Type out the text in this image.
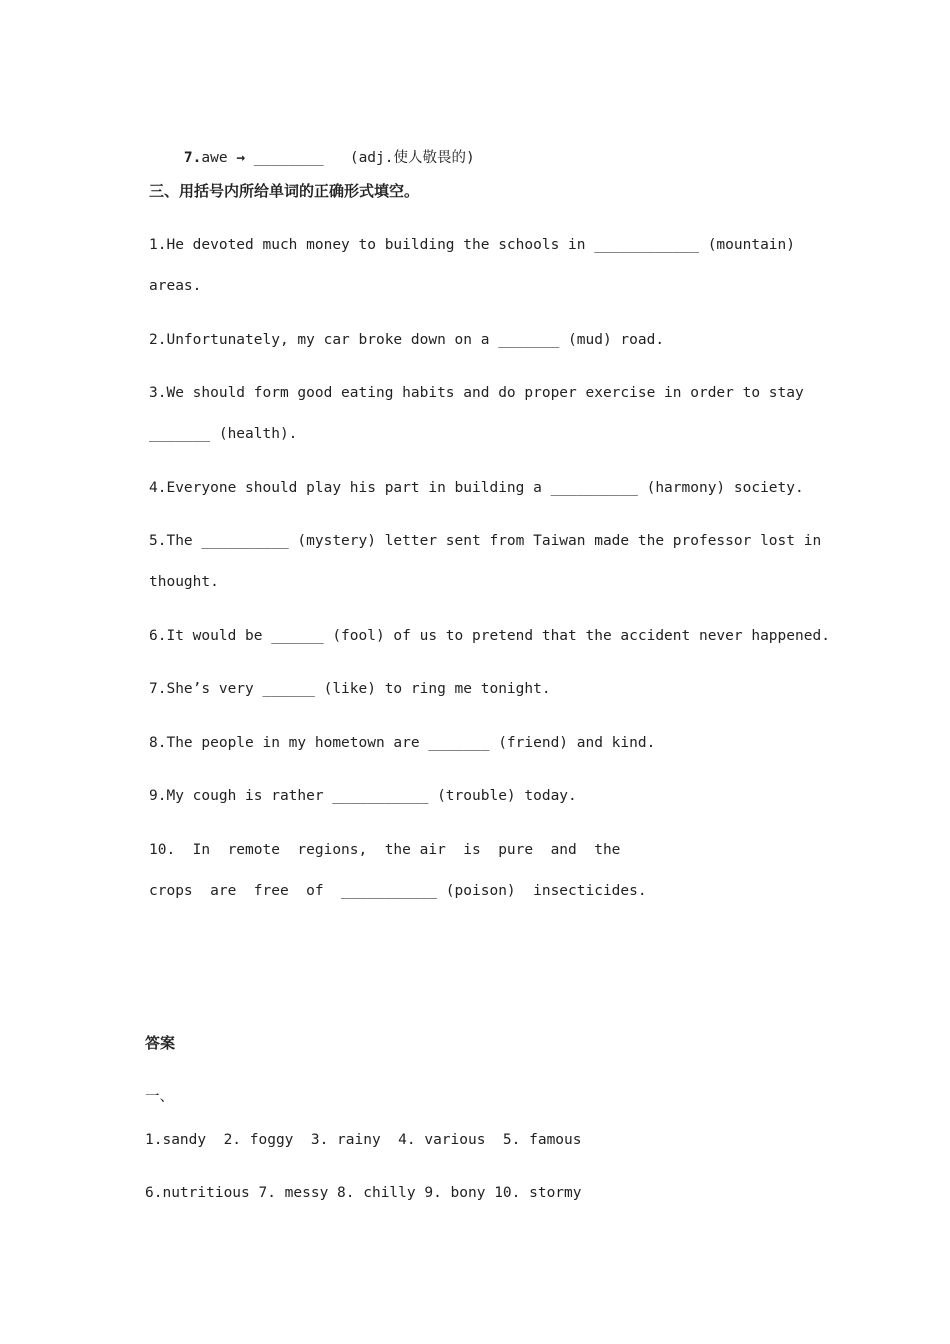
7.awe → ________ (adj.使人敬畏的)

三、用括号内所给单词的正确形式填空。
1.He devoted much money to building the schools in ____________ (mountain)
areas.
2.Unfortunately, my car broke down on a _______ (mud) road.
3.We should form good eating habits and do proper exercise in order to stay
_______ (health).
4.Everyone should play his part in building a __________ (harmony) society.
5.The __________ (mystery) letter sent from Taiwan made the professor lost in
thought.
6.It would be ______ (fool) of us to pretend that the accident never happened.
7.She’s very ______ (like) to ring me tonight.
8.The people in my hometown are _______ (friend) and kind.
9.My cough is rather ___________ (trouble) today.
10.  In  remote  regions,  the air  is  pure  and  the
crops  are  free  of  ___________ (poison)  insecticides.
答案
一、
1.sandy  2. foggy  3. rainy  4. various  5. famous
6.nutritious 7. messy 8. chilly 9. bony 10. stormy
